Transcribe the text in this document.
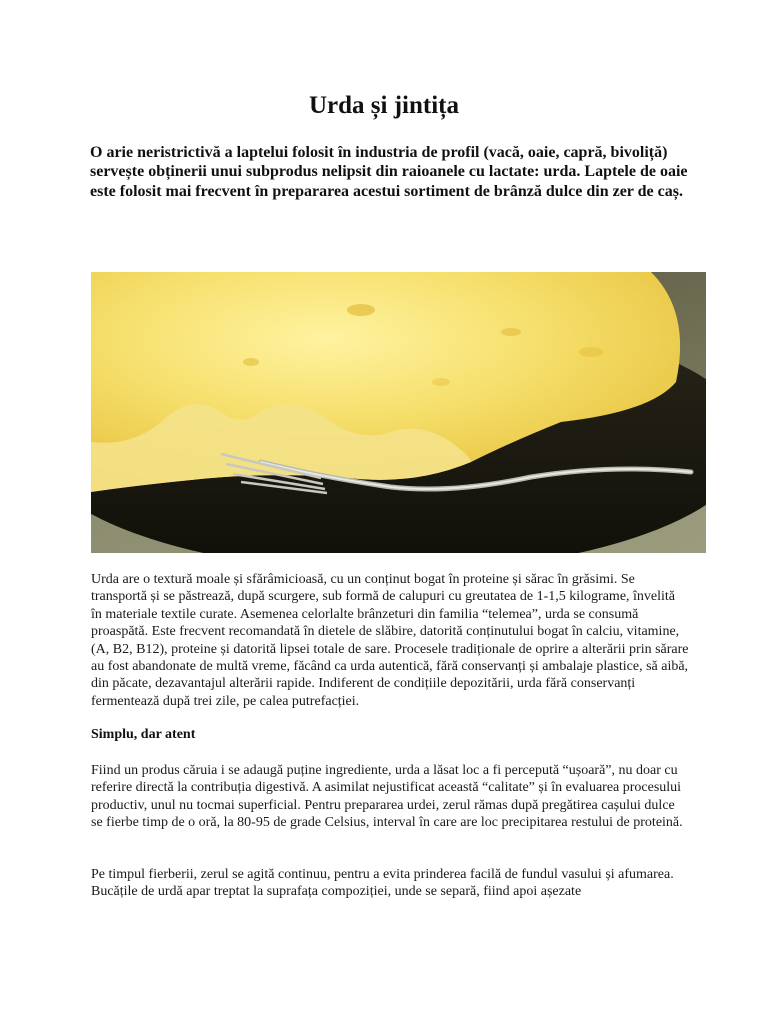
Urda și jintița

O arie neristrictivă a laptelui folosit în industria de profil (vacă, oaie, capră, bivoliță) servește obținerii unui subprodus nelipsit din raioanele cu lactate: urda. Laptele de oaie este folosit mai frecvent în prepararea acestui sortiment de brânză dulce din zer de caș.

Urda are o textură moale și sfărâmicioasă, cu un conținut bogat în proteine și sărac în grăsimi. Se transportă și se păstrează, după scurgere, sub formă de calupuri cu greutatea de 1-1,5 kilograme, învelită în materiale textile curate. Asemenea celorlalte brânzeturi din familia “telemea”, urda se consumă proaspătă. Este frecvent recomandată în dietele de slăbire, datorită conținutului bogat în calciu, vitamine, (A, B2, B12), proteine și datorită lipsei totale de sare. Procesele tradiționale de oprire a alterării prin sărare au fost abandonate de multă vreme, făcând ca urda autentică, fără conservanți și ambalaje plastice, să aibă, din păcate, dezavantajul alterării rapide. Indiferent de condițiile depozitării, urda fără conservanți fermentează după trei zile, pe calea putrefacției.

Simplu, dar atent

Fiind un produs căruia i se adaugă puține ingrediente, urda a lăsat loc a fi percepută “ușoară”, nu doar cu referire directă la contribuția digestivă. A asimilat nejustificat această “calitate” și în evaluarea procesului productiv, unul nu tocmai superficial. Pentru prepararea urdei, zerul rămas după pregătirea cașului dulce se fierbe timp de o oră, la 80-95 de grade Celsius, interval în care are loc precipitarea restului de proteină.

Pe timpul fierberii, zerul se agită continuu, pentru a evita prinderea facilă de fundul vasului și afumarea. Bucățile de urdă apar treptat la suprafața compoziției, unde se separă, fiind apoi așezate
